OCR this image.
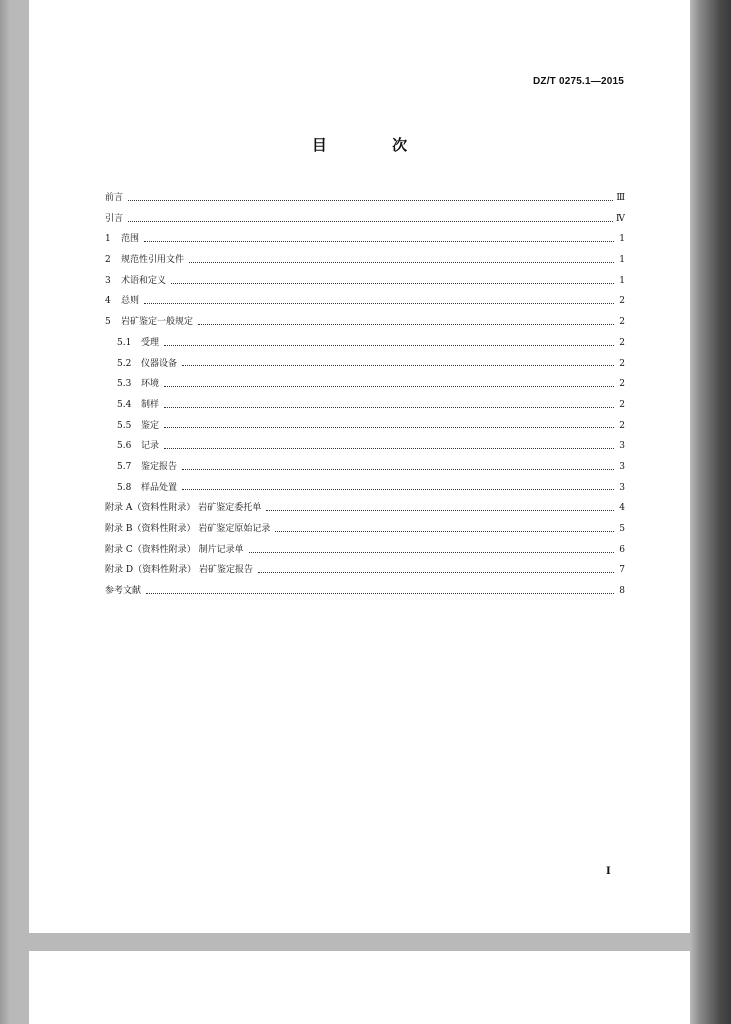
DZ/T 0275.1—2015
目 次
前言	Ⅲ
引言	Ⅳ
1	范围	1
2	规范性引用文件	1
3	术语和定义	1
4	总则	2
5	岩矿鉴定一般规定	2
5.1	受理	2
5.2	仪器设备	2
5.3	环境	2
5.4	制样	2
5.5	鉴定	2
5.6	记录	3
5.7	鉴定报告	3
5.8	样品处置	3
附录 A（资料性附录） 岩矿鉴定委托单	4
附录 B（资料性附录） 岩矿鉴定原始记录	5
附录 C（资料性附录） 制片记录单	6
附录 D（资料性附录） 岩矿鉴定报告	7
参考文献	8
I
